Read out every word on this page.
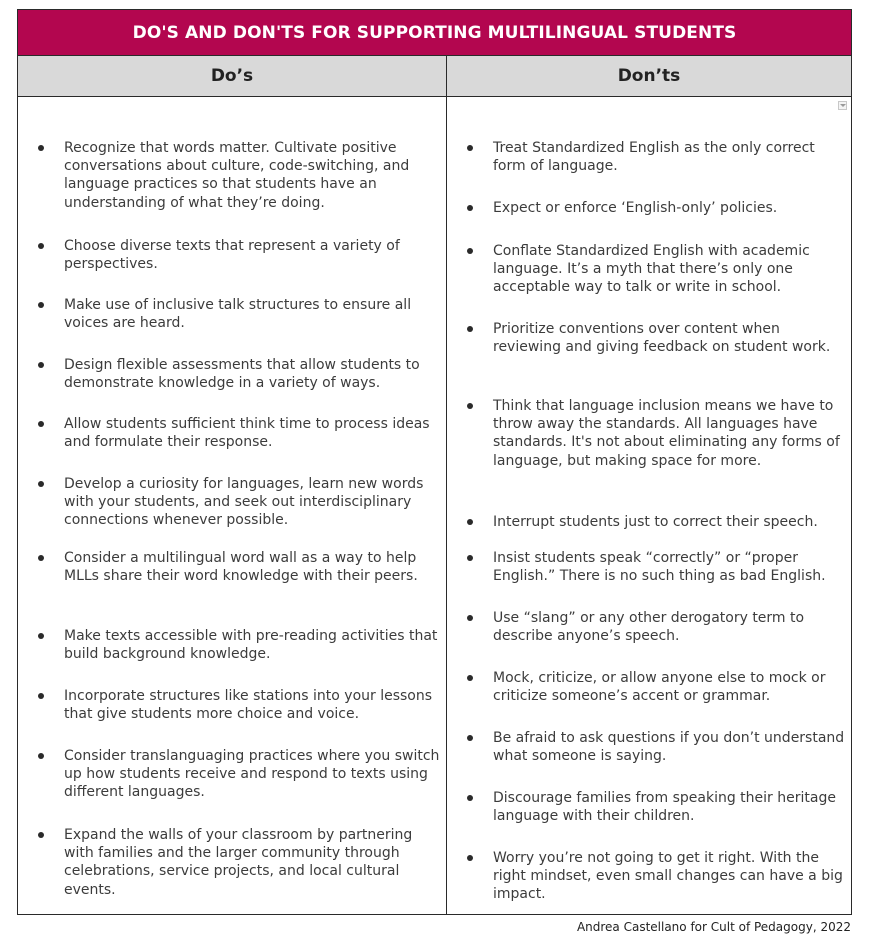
DO'S AND DON'TS FOR SUPPORTING MULTILINGUAL STUDENTS
Do’s	Don’ts
Recognize that words matter. Cultivate positive conversations about culture, code-switching, and language practices so that students have an understanding of what they’re doing.
Choose diverse texts that represent a variety of perspectives.
Make use of inclusive talk structures to ensure all voices are heard.
Design flexible assessments that allow students to demonstrate knowledge in a variety of ways.
Allow students sufficient think time to process ideas and formulate their response.
Develop a curiosity for languages, learn new words with your students, and seek out interdisciplinary connections whenever possible.
Consider a multilingual word wall as a way to help MLLs share their word knowledge with their peers.
Make texts accessible with pre-reading activities that build background knowledge.
Incorporate structures like stations into your lessons that give students more choice and voice.
Consider translanguaging practices where you switch up how students receive and respond to texts using different languages.
Expand the walls of your classroom by partnering with families and the larger community through celebrations, service projects, and local cultural events.
Treat Standardized English as the only correct form of language.
Expect or enforce ‘English-only’ policies.
Conflate Standardized English with academic language. It’s a myth that there’s only one acceptable way to talk or write in school.
Prioritize conventions over content when reviewing and giving feedback on student work.
Think that language inclusion means we have to throw away the standards. All languages have standards. It's not about eliminating any forms of language, but making space for more.
Interrupt students just to correct their speech.
Insist students speak “correctly” or “proper English.” There is no such thing as bad English.
Use “slang” or any other derogatory term to describe anyone’s speech.
Mock, criticize, or allow anyone else to mock or criticize someone’s accent or grammar.
Be afraid to ask questions if you don’t understand what someone is saying.
Discourage families from speaking their heritage language with their children.
Worry you’re not going to get it right. With the right mindset, even small changes can have a big impact.
Andrea Castellano for Cult of Pedagogy, 2022
